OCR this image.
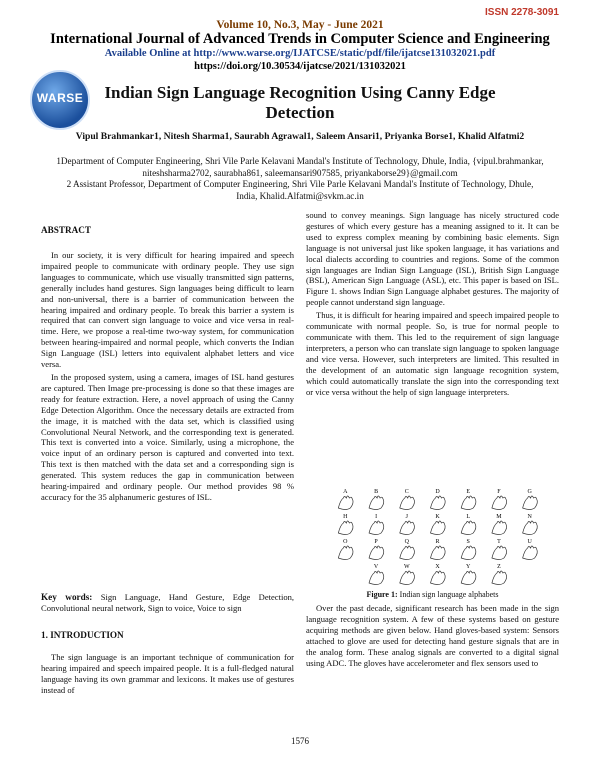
ISSN 2278-3091
Volume 10, No.3, May - June 2021
International Journal of Advanced Trends in Computer Science and Engineering
Available Online at http://www.warse.org/IJATCSE/static/pdf/file/ijatcse131032021.pdf
https://doi.org/10.30534/ijatcse/2021/131032021
WARSE	Indian Sign Language Recognition Using Canny Edge Detection
Vipul Brahmankar1, Nitesh Sharma1, Saurabh Agrawal1, Saleem Ansari1, Priyanka Borse1, Khalid Alfatmi2
1Department of Computer Engineering, Shri Vile Parle Kelavani Mandal's Institute of Technology, Dhule, India, {vipul.brahmankar, niteshsharma2702, saurabha861, saleemansari907585, priyankaborse29}@gmail.com
2 Assistant Professor, Department of Computer Engineering, Shri Vile Parle Kelavani Mandal's Institute of Technology, Dhule, India, Khalid.Alfatmi@svkm.ac.in
ABSTRACT

In our society, it is very difficult for hearing impaired and speech impaired people to communicate with ordinary people. They use sign languages to communicate, which use visually transmitted sign patterns, generally includes hand gestures. Sign languages being difficult to learn and non-universal, there is a barrier of communication between the hearing impaired and ordinary people. To break this barrier a system is required that can convert sign language to voice and vice versa in real-time. Here, we propose a real-time two-way system, for communication between hearing-impaired and normal people, which converts the Indian Sign Language (ISL) letters into equivalent alphabet letters and vice versa.

In the proposed system, using a camera, images of ISL hand gestures are captured. Then Image pre-processing is done so that these images are ready for feature extraction. Here, a novel approach of using the Canny Edge Detection Algorithm. Once the necessary details are extracted from the image, it is matched with the data set, which is classified using Convolutional Neural Network, and the corresponding text is generated. This text is converted into a voice. Similarly, using a microphone, the voice input of an ordinary person is captured and converted into text. This text is then matched with the data set and a corresponding sign is generated. This system reduces the gap in communication between hearing-impaired and ordinary people. Our method provides 98 % accuracy for the 35 alphanumeric gestures of ISL.

Key words: Sign Language, Hand Gesture, Edge Detection, Convolutional neural network, Sign to voice, Voice to sign
1. INTRODUCTION

The sign language is an important technique of communication for hearing impaired and speech impaired people. It is a full-fledged natural language having its own grammar and lexicons. It makes use of gestures instead of

sound to convey meanings. Sign language has nicely structured code gestures of which every gesture has a meaning assigned to it. It can be used to express complex meaning by combining basic elements. Sign language is not universal just like spoken language, it has variations and local dialects according to countries and regions. Some of the common sign languages are Indian Sign Language (ISL), British Sign Language (BSL), American Sign Language (ASL), etc. This paper is based on ISL. Figure 1. shows Indian Sign Language alphabet gestures. The majority of people cannot understand sign language.

Thus, it is difficult for hearing impaired and speech impaired people to communicate with normal people. So, is true for normal people to communicate with them. This led to the requirement of sign language interpreters, a person who can translate sign language to spoken language and vice versa. However, such interpreters are limited. This resulted in the development of an automatic sign language recognition system, which could automatically translate the sign into the corresponding text or vice versa without the help of sign language interpreters.

A	B	C	D	E	F	G
H	I	J	K	L	M	N
O	P	Q	R	S	T	U
V	W	X	Y	Z
Figure 1: Indian sign language alphabets

Over the past decade, significant research has been made in the sign language recognition system. A few of these systems based on gesture acquiring methods are given below. Hand gloves-based system: Sensors attached to glove are used for detecting hand gesture signals that are in the analog form. These analog signals are converted to a digital signal using ADC. The gloves have accelerometer and flex sensors used to

1576
